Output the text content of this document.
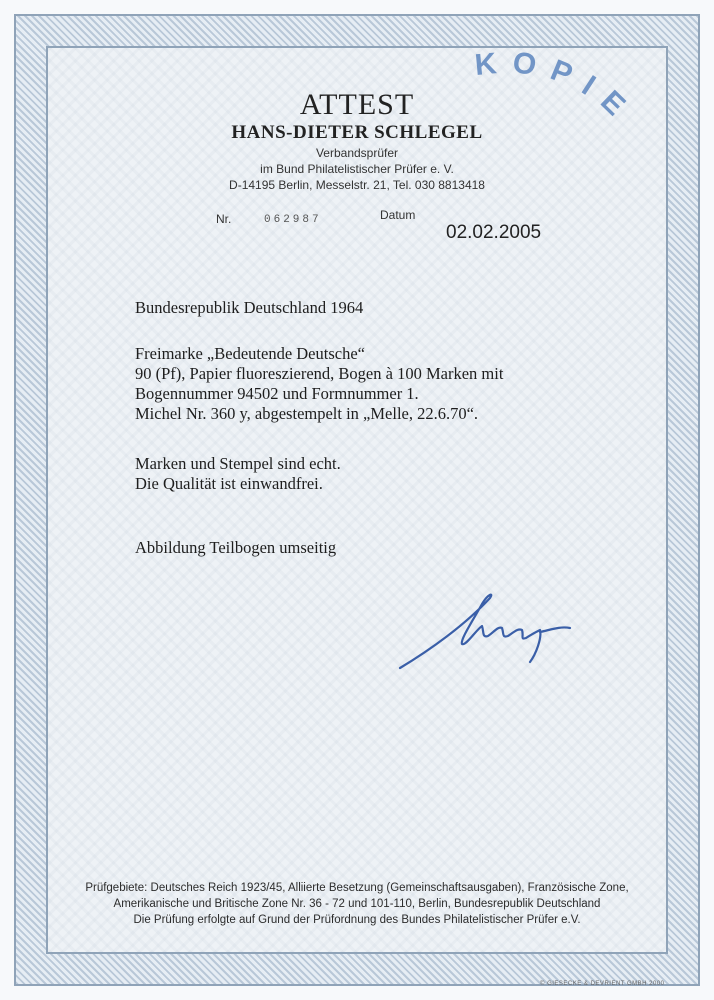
ATTEST
HANS-DIETER SCHLEGEL
Verbandsprüfer
im Bund Philatelistischer Prüfer e. V.
D-14195 Berlin, Messelstr. 21, Tel. 030 8813418
Nr.	062987	Datum
02.02.2005
KOPIE
Bundesrepublik Deutschland 1964
Freimarke „Bedeutende Deutsche“
90 (Pf), Papier fluoreszierend, Bogen à 100 Marken mit
Bogennummer 94502 und Formnummer 1.
Michel Nr. 360 y, abgestempelt in „Melle, 22.6.70“.
Marken und Stempel sind echt.
Die Qualität ist einwandfrei.
Abbildung Teilbogen umseitig
Prüfgebiete: Deutsches Reich 1923/45, Alliierte Besetzung (Gemeinschaftsausgaben), Französische Zone,
Amerikanische und Britische Zone Nr. 36 - 72 und 101-110, Berlin, Bundesrepublik Deutschland
Die Prüfung erfolgte auf Grund der Prüfordnung des Bundes Philatelistischer Prüfer e.V.
© GIESECKE & DEVRIENT GMBH 2000
